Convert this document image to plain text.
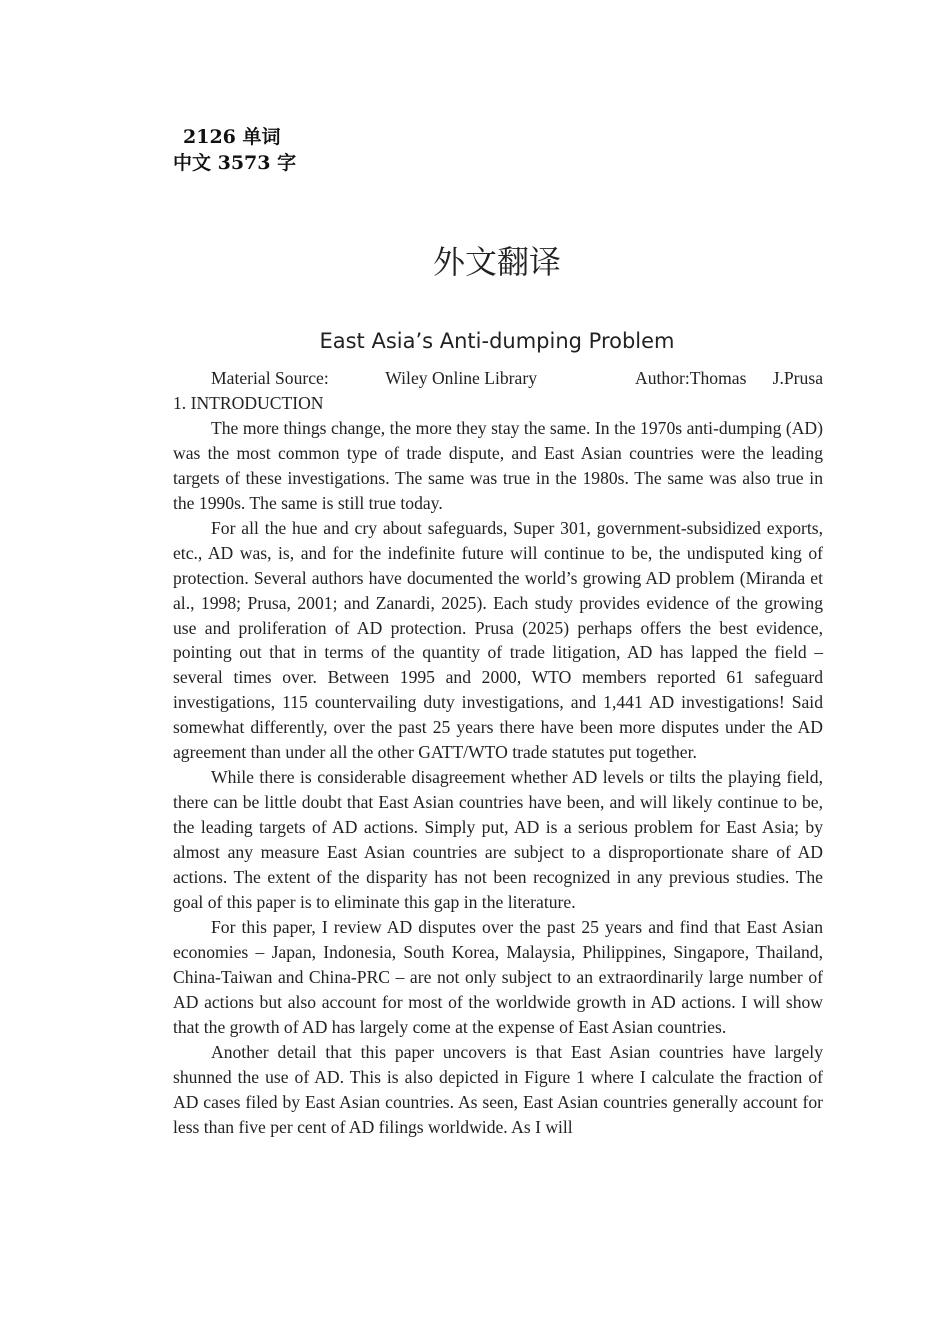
2126 单词
中文 3573 字
外文翻译
East Asia’s Anti-dumping Problem
Material Source:	Wiley Online Library	Author:Thomas J.Prusa
1. INTRODUCTION

The more things change, the more they stay the same. In the 1970s anti-dumping (AD) was the most common type of trade dispute, and East Asian countries were the leading targets of these investigations. The same was true in the 1980s. The same was also true in the 1990s. The same is still true today.

For all the hue and cry about safeguards, Super 301, government-subsidized exports, etc., AD was, is, and for the indefinite future will continue to be, the undisputed king of protection. Several authors have documented the world’s growing AD problem (Miranda et al., 1998; Prusa, 2001; and Zanardi, 2025). Each study provides evidence of the growing use and proliferation of AD protection. Prusa (2025) perhaps offers the best evidence, pointing out that in terms of the quantity of trade litigation, AD has lapped the field – several times over. Between 1995 and 2000, WTO members reported 61 safeguard investigations, 115 countervailing duty investigations, and 1,441 AD investigations! Said somewhat differently, over the past 25 years there have been more disputes under the AD agreement than under all the other GATT/WTO trade statutes put together.

While there is considerable disagreement whether AD levels or tilts the playing field, there can be little doubt that East Asian countries have been, and will likely continue to be, the leading targets of AD actions. Simply put, AD is a serious problem for East Asia; by almost any measure East Asian countries are subject to a disproportionate share of AD actions. The extent of the disparity has not been recognized in any previous studies. The goal of this paper is to eliminate this gap in the literature.

For this paper, I review AD disputes over the past 25 years and find that East Asian economies – Japan, Indonesia, South Korea, Malaysia, Philippines, Singapore, Thailand, China-Taiwan and China-PRC – are not only subject to an extraordinarily large number of AD actions but also account for most of the worldwide growth in AD actions. I will show that the growth of AD has largely come at the expense of East Asian countries.

Another detail that this paper uncovers is that East Asian countries have largely shunned the use of AD. This is also depicted in Figure 1 where I calculate the fraction of AD cases filed by East Asian countries. As seen, East Asian countries generally account for less than five per cent of AD filings worldwide. As I will
